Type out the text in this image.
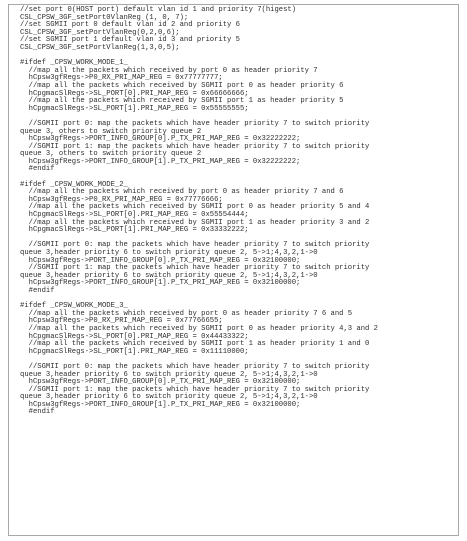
//set port 0(HOST port) default vlan id 1 and priority 7(higest)
CSL_CPSW_3GF_setPort0VlanReg (1, 0, 7);
//set SGMII port 0 default vlan id 2 and priority 6
CSL_CPSW_3GF_setPortVlanReg(0,2,0,6);
//set SGMII port 1 default vlan id 3 and priority 5
CSL_CPSW_3GF_setPortVlanReg(1,3,0,5);
#ifdef _CPSW_WORK_MODE_1_
//map all the packets which received by port 0 as header priority 7
hCpsw3gfRegs->P0_RX_PRI_MAP_REG = 0x77777777;
//map all the packets which received by SGMII port 0 as header priority 6
hCpgmacSlRegs->SL_PORT[0].PRI_MAP_REG = 0x66666666;
//map all the packets which received by SGMII port 1 as header priority 5
hCpgmacSlRegs->SL_PORT[1].PRI_MAP_REG = 0x55555555;
//SGMII port 0: map the packets which have header priority 7 to switch priority
queue 3, others to switch priority queue 2
hCpsw3gfRegs->PORT_INFO_GROUP[0].P_TX_PRI_MAP_REG = 0x32222222;
//SGMII port 1: map the packets which have header priority 7 to switch priority
queue 3, others to switch priority queue 2
hCpsw3gfRegs->PORT_INFO_GROUP[1].P_TX_PRI_MAP_REG = 0x32222222;
#endif
#ifdef _CPSW_WORK_MODE_2_
//map all the packets which received by port 0 as header priority 7 and 6
hCpsw3gfRegs->P0_RX_PRI_MAP_REG = 0x77776666;
//map all the packets which received by SGMII port 0 as header priority 5 and 4
hCpgmacSlRegs->SL_PORT[0].PRI_MAP_REG = 0x55554444;
//map all the packets which received by SGMII port 1 as header priority 3 and 2
hCpgmacSlRegs->SL_PORT[1].PRI_MAP_REG = 0x33332222;
//SGMII port 0: map the packets which have header priority 7 to switch priority
queue 3,header priority 6 to switch priority queue 2, 5->1;4,3,2,1->0
hCpsw3gfRegs->PORT_INFO_GROUP[0].P_TX_PRI_MAP_REG = 0x32100000;
//SGMII port 1: map the packets which have header priority 7 to switch priority
queue 3,header priority 6 to switch priority queue 2, 5->1;4,3,2,1->0
hCpsw3gfRegs->PORT_INFO_GROUP[1].P_TX_PRI_MAP_REG = 0x32100000;
#endif
#ifdef _CPSW_WORK_MODE_3_
//map all the packets which received by port 0 as header priority 7 6 and 5
hCpsw3gfRegs->P0_RX_PRI_MAP_REG = 0x77766655;
//map all the packets which received by SGMII port 0 as header priority 4,3 and 2
hCpgmacSlRegs->SL_PORT[0].PRI_MAP_REG = 0x44433322;
//map all the packets which received by SGMII port 1 as header priority 1 and 0
hCpgmacSlRegs->SL_PORT[1].PRI_MAP_REG = 0x11110000;
//SGMII port 0: map the packets which have header priority 7 to switch priority
queue 3,header priority 6 to switch priority queue 2, 5->1;4,3,2,1->0
hCpsw3gfRegs->PORT_INFO_GROUP[0].P_TX_PRI_MAP_REG = 0x32100000;
//SGMII port 1: map the packets which have header priority 7 to switch priority
queue 3,header priority 6 to switch priority queue 2, 5->1;4,3,2,1->0
hCpsw3gfRegs->PORT_INFO_GROUP[1].P_TX_PRI_MAP_REG = 0x32100000;
#endif
